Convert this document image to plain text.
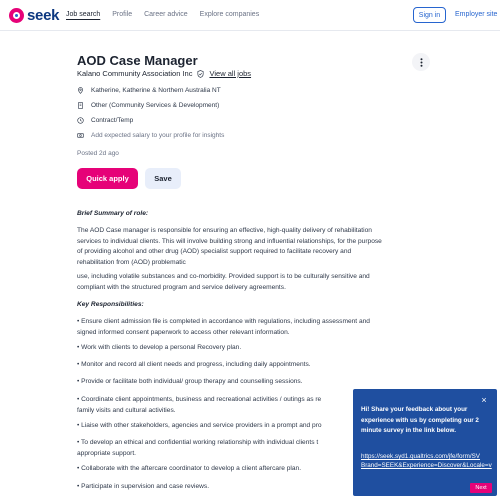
seek Job search Profile Career advice Explore companies	Sign in	Employer site
AOD Case Manager
Kalano Community Association Inc View all jobs
Katherine, Katherine & Northern Australia NT
Other (Community Services & Development)
Contract/Temp
Add expected salary to your profile for insights
Posted 2d ago
Quick apply	Save
Brief Summary of role:
The AOD Case manager is responsible for ensuring an effective, high-quality delivery of rehabilitation
services to individual clients. This will involve building strong and influential relationships, for the purpose
of providing alcohol and other drug (AOD) specialist support required to facilitate recovery and
rehabilitation from (AOD) problematic
use, including volatile substances and co-morbidity. Provided support is to be culturally sensitive and
compliant with the structured program and service delivery agreements.
Key Responsibilities:
• Ensure client admission file is completed in accordance with regulations, including assessment and
signed informed consent paperwork to access other relevant information.
• Work with clients to develop a personal Recovery plan.
• Monitor and record all client needs and progress, including daily appointments.
• Provide or facilitate both individual/ group therapy and counselling sessions.
• Coordinate client appointments, business and recreational activities / outings as re
family visits and cultural activities.
• Liaise with other stakeholders, agencies and service providers in a prompt and pro
• To develop an ethical and confidential working relationship with individual clients t
appropriate support.
• Collaborate with the aftercare coordinator to develop a client aftercare plan.
• Participate in supervision and case reviews.
×
Hi! Share your feedback about your experience with us by completing our 2 minute survey in the link below.
https://seek.syd1.qualtrics.com/jfe/form/SV
Brand=SEEK&Experience=Discover&Locale=v
Next
